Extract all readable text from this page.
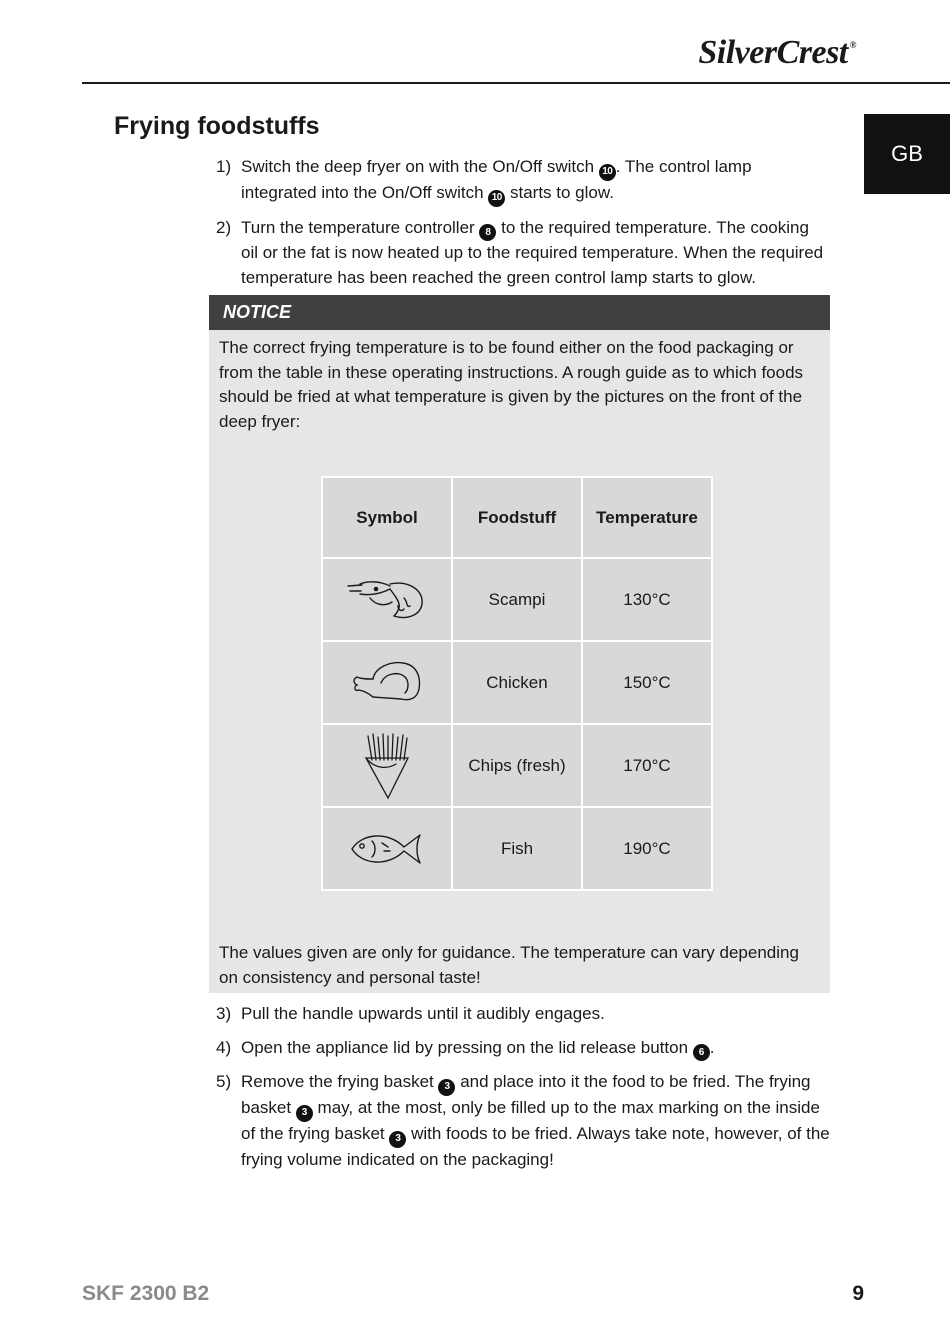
SilverCrest ®
GB
Frying foodstuffs
1) Switch the deep fryer on with the On/Off switch 10 . The control lamp integrated into the On/Off switch 10 starts to glow.
2) Turn the temperature controller 8 to the required temperature. The cooking oil or the fat is now heated up to the required temperature. When the required temperature has been reached the green control lamp starts to glow.
NOTICE
The correct frying temperature is to be found either on the food packaging or from the table in these operating instructions. A rough guide as to which foods should be fried at what temperature is given by the pictures on the front of the deep fryer:
Symbol	Foodstuff	Temperature

	Scampi	130°C

	Chicken	150°C

	Chips (fresh)	170°C

	Fish	190°C
The values given are only for guidance. The temperature can vary depending on consistency and personal taste!
3) Pull the handle upwards until it audibly engages.
4) Open the appliance lid by pressing on the lid release button 6 .
5) Remove the frying basket 3 and place into it the food to be fried. The frying basket 3 may, at the most, only be filled up to the max marking on the inside of the frying basket 3 with foods to be fried. Always take note, however, of the frying volume indicated on the packaging!
SKF 2300 B2	9
